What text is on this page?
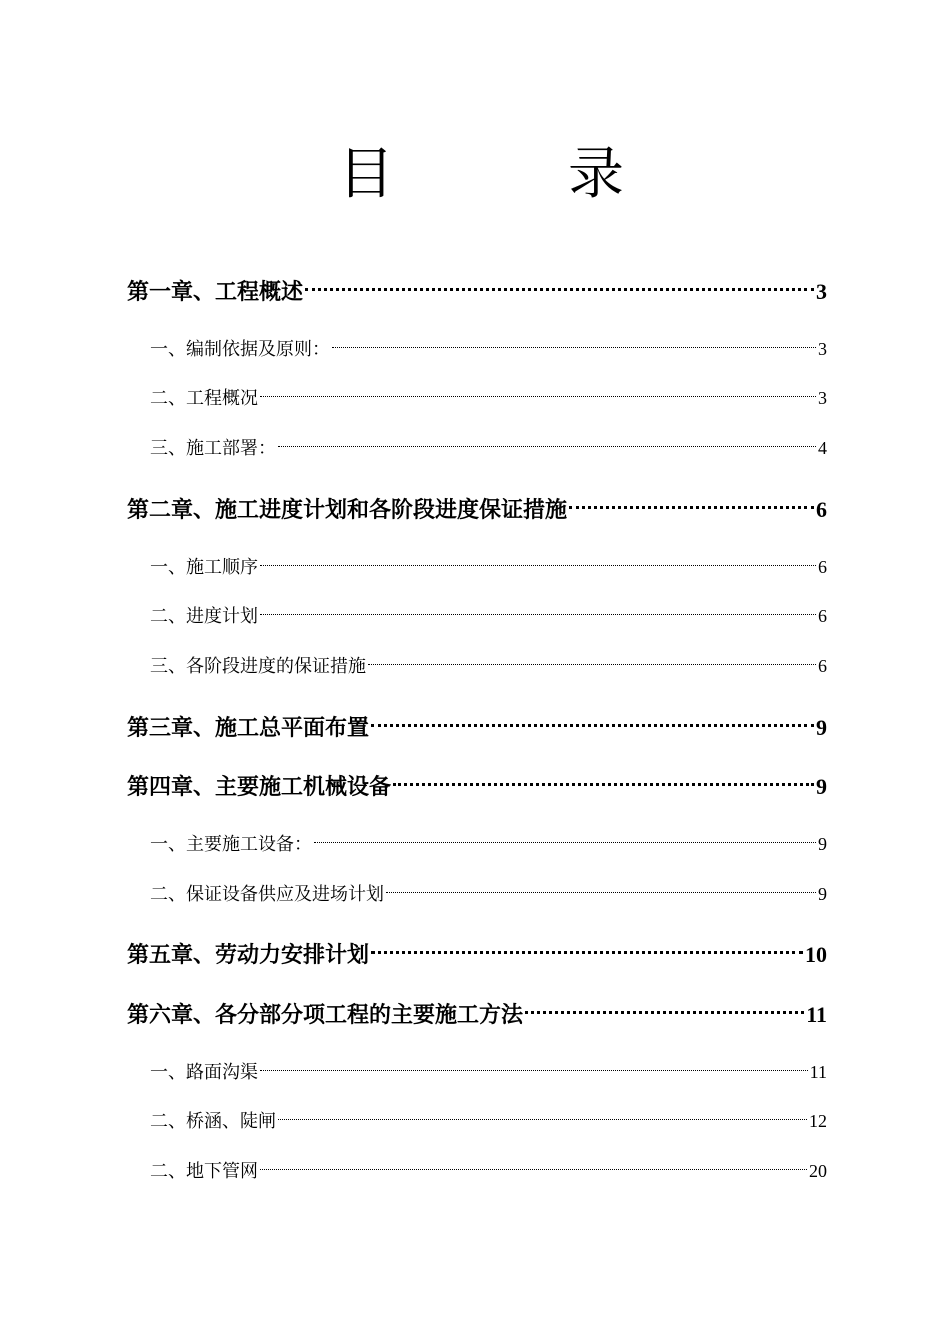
目	录
第一章、工程概述	3
一、编制依据及原则：	3
二、工程概况	3
三、施工部署：	4
第二章、施工进度计划和各阶段进度保证措施	6
一、施工顺序	6
二、进度计划	6
三、各阶段进度的保证措施	6
第三章、施工总平面布置	9
第四章、主要施工机械设备	9
一、主要施工设备：	9
二、保证设备供应及进场计划	9
第五章、劳动力安排计划	10
第六章、各分部分项工程的主要施工方法	11
一、路面沟渠	11
二、桥涵、陡闸	12
二、地下管网	20
